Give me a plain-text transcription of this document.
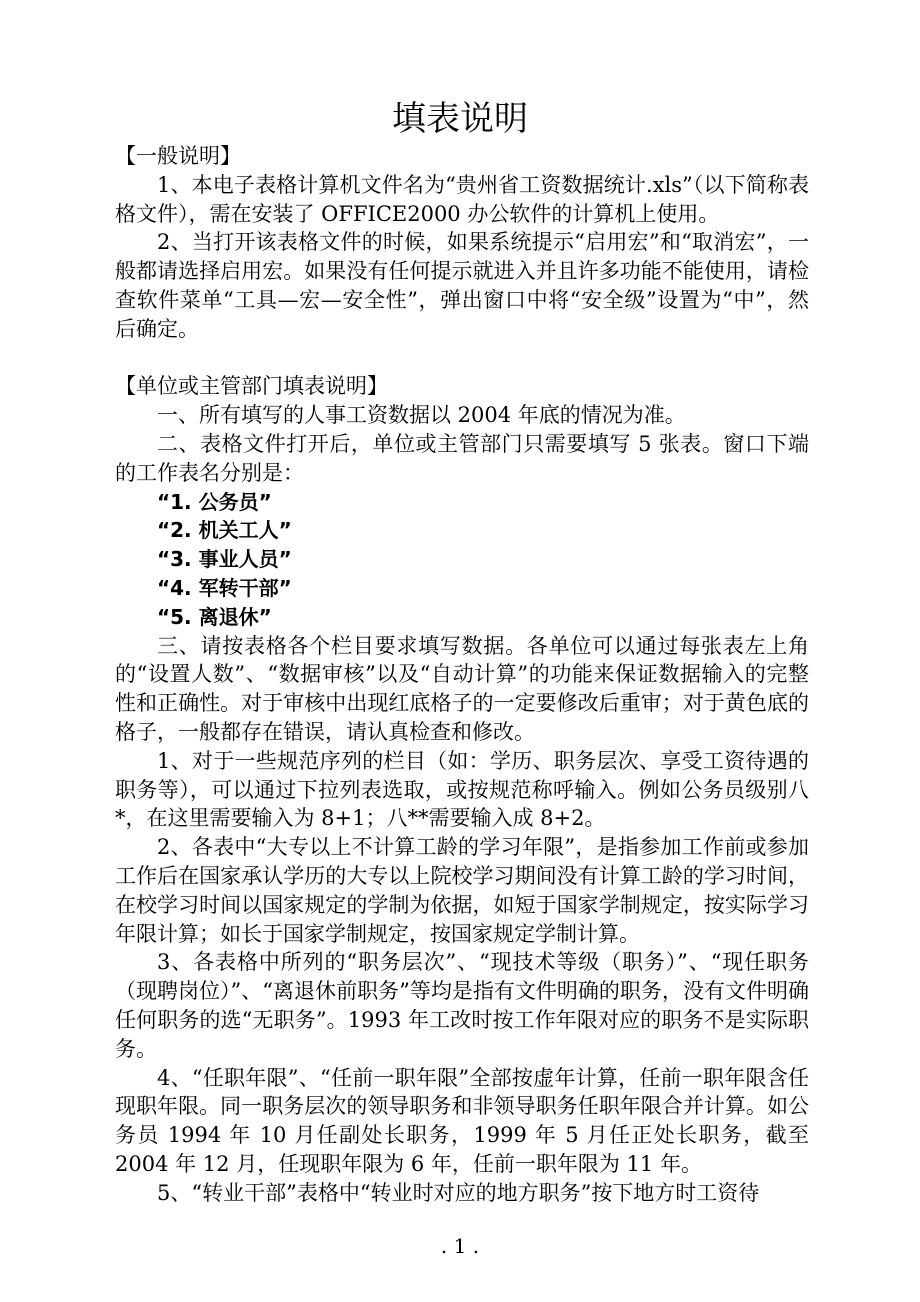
填表说明

【一般说明】

1、本电子表格计算机文件名为“贵州省工资数据统计.xls”（以下简称表格文件），需在安装了 OFFICE2000 办公软件的计算机上使用。

2、当打开该表格文件的时候，如果系统提示“启用宏”和“取消宏”，一般都请选择启用宏。如果没有任何提示就进入并且许多功能不能使用，请检查软件菜单“工具—宏—安全性”，弹出窗口中将“安全级”设置为“中”，然后确定。

【单位或主管部门填表说明】

一、所有填写的人事工资数据以 2004 年底的情况为准。

二、表格文件打开后，单位或主管部门只需要填写 5 张表。窗口下端的工作表名分别是：

“1. 公务员”

“2. 机关工人”

“3. 事业人员”

“4. 军转干部”

“5. 离退休”

三、请按表格各个栏目要求填写数据。各单位可以通过每张表左上角的“设置人数”、“数据审核”以及“自动计算”的功能来保证数据输入的完整性和正确性。对于审核中出现红底格子的一定要修改后重审；对于黄色底的格子，一般都存在错误，请认真检查和修改。

1、对于一些规范序列的栏目（如：学历、职务层次、享受工资待遇的职务等），可以通过下拉列表选取，或按规范称呼输入。例如公务员级别八*，在这里需要输入为 8+1；八**需要输入成 8+2。

2、各表中“大专以上不计算工龄的学习年限”，是指参加工作前或参加工作后在国家承认学历的大专以上院校学习期间没有计算工龄的学习时间，在校学习时间以国家规定的学制为依据，如短于国家学制规定，按实际学习年限计算；如长于国家学制规定，按国家规定学制计算。

3、各表格中所列的“职务层次”、“现技术等级（职务）”、“现任职务（现聘岗位）”、“离退休前职务”等均是指有文件明确的职务，没有文件明确任何职务的选“无职务”。1993 年工改时按工作年限对应的职务不是实际职务。

4、“任职年限”、“任前一职年限”全部按虚年计算，任前一职年限含任现职年限。同一职务层次的领导职务和非领导职务任职年限合并计算。如公务员 1994 年 10 月任副处长职务，1999 年 5 月任正处长职务，截至 2004 年 12 月，任现职年限为 6 年，任前一职年限为 11 年。

5、“转业干部”表格中“转业时对应的地方职务”按下地方时工资待

. 1 .
